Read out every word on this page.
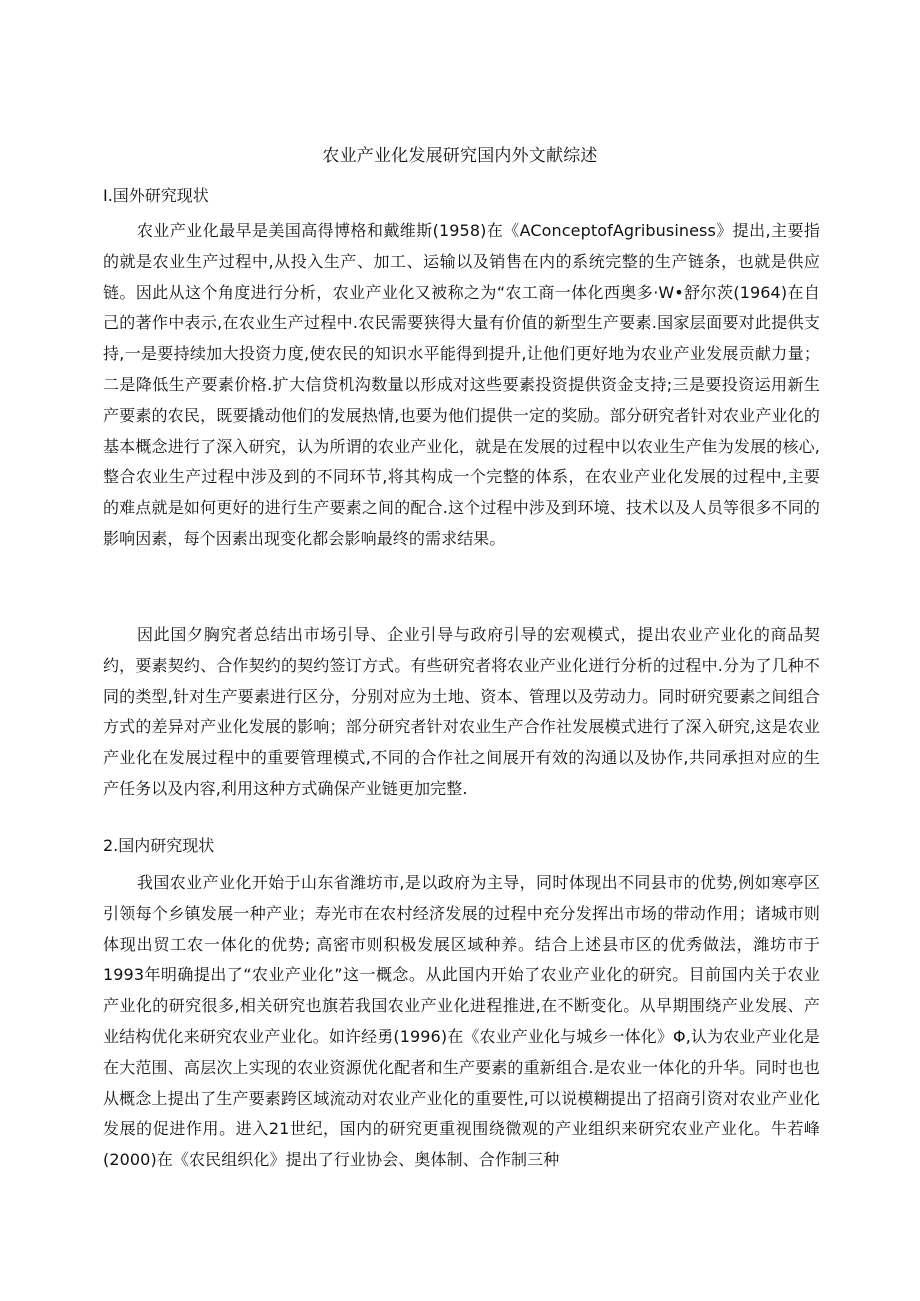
农业产业化发展研究国内外文献综述
I.国外研究现状

农业产业化最早是美国高得博格和戴维斯(1958)在《AConceptofAgribusiness》提出,主要指的就是农业生产过程中,从投入生产、加工、运输以及销售在内的系统完整的生产链条，也就是供应链。因此从这个角度进行分析，农业产业化又被称之为“农工商一体化西奥多·W•舒尔茨(1964)在自己的著作中表示,在农业生产过程中.农民需要狭得大量有价值的新型生产要素.国家层面要对此提供支持,一是要持续加大投资力度,使农民的知识水平能得到提升,让他们更好地为农业产业发展贡献力量；二是降低生产要素价格.扩大信贷机沟数量以形成对这些要素投资提供资金支持;三是要投资运用新生产要素的农民，既要撬动他们的发展热情,也要为他们提供一定的奖励。部分研究者针对农业产业化的基本概念进行了深入研究，认为所谓的农业产业化，就是在发展的过程中以农业生产隹为发展的核心,整合农业生产过程中涉及到的不同环节,将其构成一个完整的体系，在农业产业化发展的过程中,主要的难点就是如何更好的进行生产要素之间的配合.这个过程中涉及到环境、技术以及人员等很多不同的影响因素，每个因素出现变化都会影响最终的需求结果。

因此国夕胸究者总结出市场引导、企业引导与政府引导的宏观模式，提出农业产业化的商品契约，要素契约、合作契约的契约签订方式。有些研究者将农业产业化迸行分析的过程中.分为了几种不同的类型,针对生产要素进行区分，分别对应为土地、资本、管理以及劳动力。同时研究要素之间组合方式的差异对产业化发展的影响；部分研究者针对农业生产合作社发展模式进行了深入研究,这是农业产业化在发展过程中的重要管理模式,不同的合作社之间展开有效的沟通以及协作,共同承担对应的生产任务以及内容,利用这种方式确保产业链更加完整.

2.国内研究现状

我国农业产业化开始于山东省潍坊市,是以政府为主导，同时体现出不同县市的优势,例如寒亭区引领每个乡镇发展一种产业；寿光市在农村经济发展的过程中充分发挥出市场的带动作用；诸城市则体现出贸工农一体化的优势; 高密市则积极发展区域种养。结合上述县市区的优秀做法，潍坊市于1993年明确提出了“农业产业化”这一概念。从此国内开始了农业产业化的研究。目前国内关于农业产业化的研究很多,相关研究也旗若我国农业产业化进程推进,在不断变化。从早期围绕产业发展、产业结构优化来研究农业产业化。如许经勇(1996)在《农业产业化与城乡一体化》Φ,认为农业产业化是在大范围、高层次上实现的农业资源优化配者和生产要素的重新组合.是农业一体化的升华。同时也也从概念上提出了生产要素跨区域流动对农业产业化的重要性,可以说模糊提出了招商引资对农业产业化发展的促进作用。进入21世纪，国内的研究更重视围绕微观的产业组织来研究农业产业化。牛若峰(2000)在《农民组织化》提出了行业协会、奥体制、合作制三种
